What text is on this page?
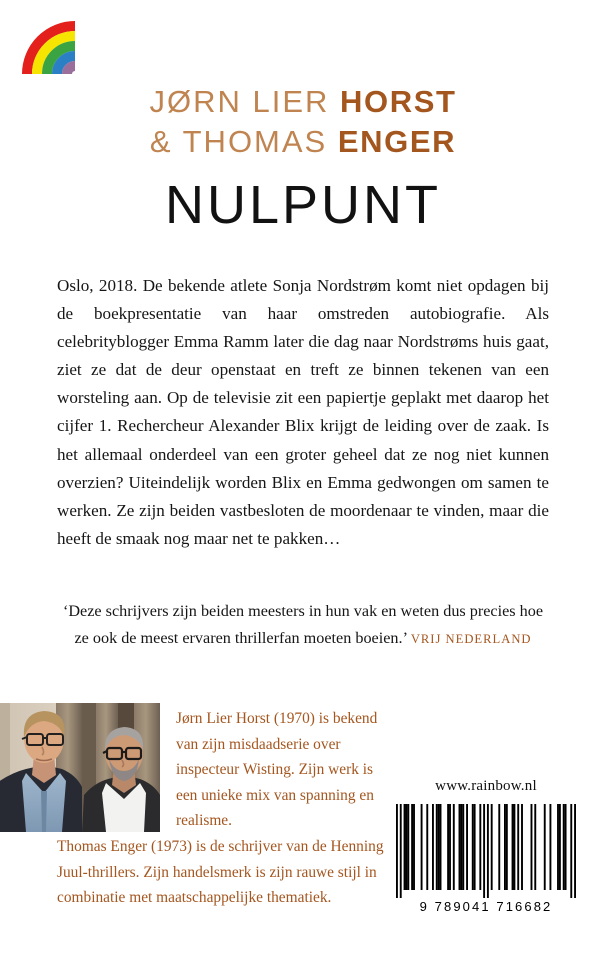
JØRN LIER HORST
& THOMAS ENGER
NULPUNT
Oslo, 2018. De bekende atlete Sonja Nordstrøm komt niet opdagen bij de boekpresentatie van haar omstreden autobiografie. Als celebrityblogger Emma Ramm later die dag naar Nordstrøms huis gaat, ziet ze dat de deur openstaat en treft ze binnen tekenen van een worsteling aan. Op de televisie zit een papiertje geplakt met daarop het cijfer 1. Rechercheur Alexander Blix krijgt de leiding over de zaak. Is het allemaal onderdeel van een groter geheel dat ze nog niet kunnen overzien? Uiteindelijk worden Blix en Emma gedwongen om samen te werken. Ze zijn beiden vastbesloten de moordenaar te vinden, maar die heeft de smaak nog maar net te pakken…
‘Deze schrijvers zijn beiden meesters in hun vak en weten dus precies hoe ze ook de meest ervaren thrillerfan moeten boeien.’ VRIJ NEDERLAND
Jørn Lier Horst (1970) is bekend van zijn misdaadserie over inspecteur Wisting. Zijn werk is een unieke mix van spanning en realisme.
Thomas Enger (1973) is de schrijver van de Henning Juul-thrillers. Zijn handelsmerk is zijn rauwe stijl in combinatie met maatschappelijke thematiek.
www.rainbow.nl
9 789041 716682
